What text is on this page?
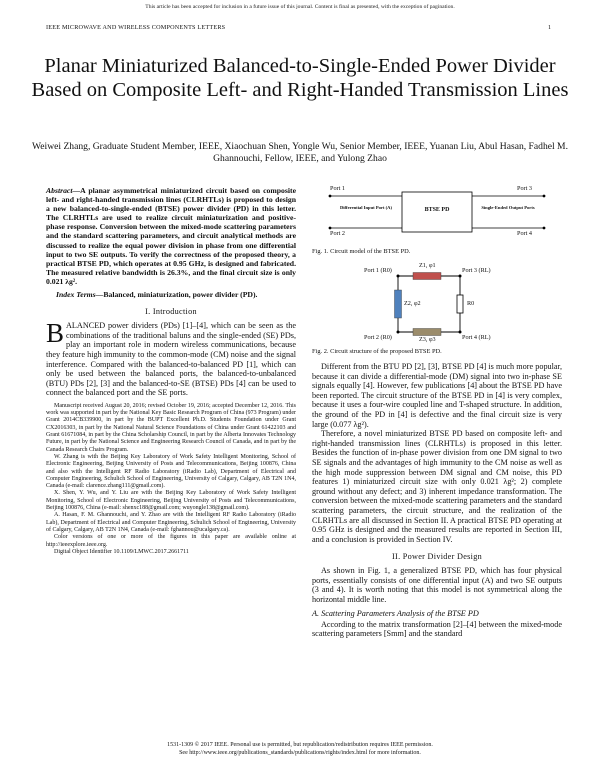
This article has been accepted for inclusion in a future issue of this journal. Content is final as presented, with the exception of pagination.
IEEE MICROWAVE AND WIRELESS COMPONENTS LETTERS	1
Planar Miniaturized Balanced-to-Single-Ended Power Divider Based on Composite Left- and Right-Handed Transmission Lines
Weiwei Zhang, Graduate Student Member, IEEE, Xiaochuan Shen, Yongle Wu, Senior Member, IEEE, Yuanan Liu, Abul Hasan, Fadhel M. Ghannouchi, Fellow, IEEE, and Yulong Zhao

Abstract—A planar asymmetrical miniaturized circuit based on composite left- and right-handed transmission lines (CLRHTLs) is proposed to design a new balanced-to-single-ended (BTSE) power divider (PD) in this letter. The CLRHTLs are used to realize circuit miniaturization and positive-phase response. Conversion between the mixed-mode scattering parameters and the standard scattering parameters, and circuit analytical methods are discussed to realize the equal power division in phase from one differential input to two SE outputs. To verify the correctness of the proposed theory, a practical BTSE PD, which operates at 0.95 GHz, is designed and fabricated. The measured relative bandwidth is 26.3%, and the final circuit size is only 0.021 λg².

Index Terms—Balanced, miniaturization, power divider (PD).

I. Introduction

BALANCED power dividers (PDs) [1]–[4], which can be seen as the combinations of the traditional baluns and the single-ended (SE) PDs, play an important role in modern wireless communications, because they feature high immunity to the common-mode (CM) noise and the signal interference. Compared with the balanced-to-balanced PD [1], which can only be used between the balanced ports, the balanced-to-unbalanced (BTU) PDs [2], [3] and the balanced-to-SE (BTSE) PDs [4] can be used to connect the balanced port and the SE ports.

Manuscript received August 20, 2016; revised October 19, 2016; accepted December 12, 2016. This work was supported in part by the National Key Basic Research Program of China (973 Program) under Grant 2014CB339900, in part by the BUPT Excellent Ph.D. Students Foundation under Grant CX2016303, in part by the National Natural Science Foundations of China under Grant 61422103 and Grant 61671084, in part by the China Scholarship Council, in part by the Alberta Innovates Technology Future, in part by the National Science and Engineering Research Council of Canada, and in part by the Canada Research Chairs Program.

W. Zhang is with the Beijing Key Laboratory of Work Safety Intelligent Monitoring, School of Electronic Engineering, Beijing University of Posts and Telecommunications, Beijing 100876, China and also with the Intelligent RF Radio Laboratory (iRadio Lab), Department of Electrical and Computer Engineering, Schulich School of Engineering, University of Calgary, Calgary, AB T2N 1N4, Canada (e-mail: clarence.zhang111@gmail.com).

X. Shen, Y. Wu, and Y. Liu are with the Beijing Key Laboratory of Work Safety Intelligent Monitoring, School of Electronic Engineering, Beijing University of Posts and Telecommunications, Beijing 100876, China (e-mail: shenxc188@gmail.com; wuyongle138@gmail.com).

A. Hasan, F. M. Ghannouchi, and Y. Zhao are with the Intelligent RF Radio Laboratory (iRadio Lab), Department of Electrical and Computer Engineering, Schulich School of Engineering, University of Calgary, Calgary, AB T2N 1N4, Canada (e-mail: fghannou@ucalgary.ca).

Color versions of one or more of the figures in this paper are available online at http://ieeexplore.ieee.org.

Digital Object Identifier 10.1109/LMWC.2017.2661711

Port 1
Port 2
Port 3
Port 4
Differential Input Port (A)	BTSE PD	Single-Ended Output Ports

Fig. 1. Circuit model of the BTSE PD.

Port 1 (R0)
Port 2 (R0)
Port 3 (RL)
Port 4 (RL)
Z1, φ1
Z2, φ2
Z3, φ3
R0

Fig. 2. Circuit structure of the proposed BTSE PD.

Different from the BTU PD [2], [3], BTSE PD [4] is much more popular, because it can divide a differential-mode (DM) signal into two in-phase SE signals equally [4]. However, few publications [4] about the BTSE PD have been reported. The circuit structure of the BTSE PD in [4] is very complex, because it uses a four-wire coupled line and T-shaped structure. In addition, the ground of the PD in [4] is defective and the final circuit size is very large (0.077 λg²).

Therefore, a novel miniaturized BTSE PD based on composite left- and right-handed transmission lines (CLRHTLs) is proposed in this letter. Besides the function of in-phase power division from one DM signal to two SE signals and the advantages of high immunity to the CM noise as well as the high mode suppression between DM signal and CM noise, this PD features 1) miniaturized circuit size with only 0.021 λg²; 2) complete ground without any defect; and 3) inherent impedance transformation. The conversion between the mixed-mode scattering parameters and the standard scattering parameters, the circuit structure, and the realization of the CLRHTLs are all discussed in Section II. A practical BTSE PD operating at 0.95 GHz is designed and the measured results are reported in Section III, and a conclusion is provided in Section IV.

II. Power Divider Design

As shown in Fig. 1, a generalized BTSE PD, which has four physical ports, essentially consists of one differential input (A) and two SE outputs (3 and 4). It is worth noting that this model is not symmetrical along the horizontal middle line.

A. Scattering Parameters Analysis of the BTSE PD

According to the matrix transformation [2]–[4] between the mixed-mode scattering parameters [Smm] and the standard

1531-1309 © 2017 IEEE. Personal use is permitted, but republication/redistribution requires IEEE permission.
See http://www.ieee.org/publications_standards/publications/rights/index.html for more information.
